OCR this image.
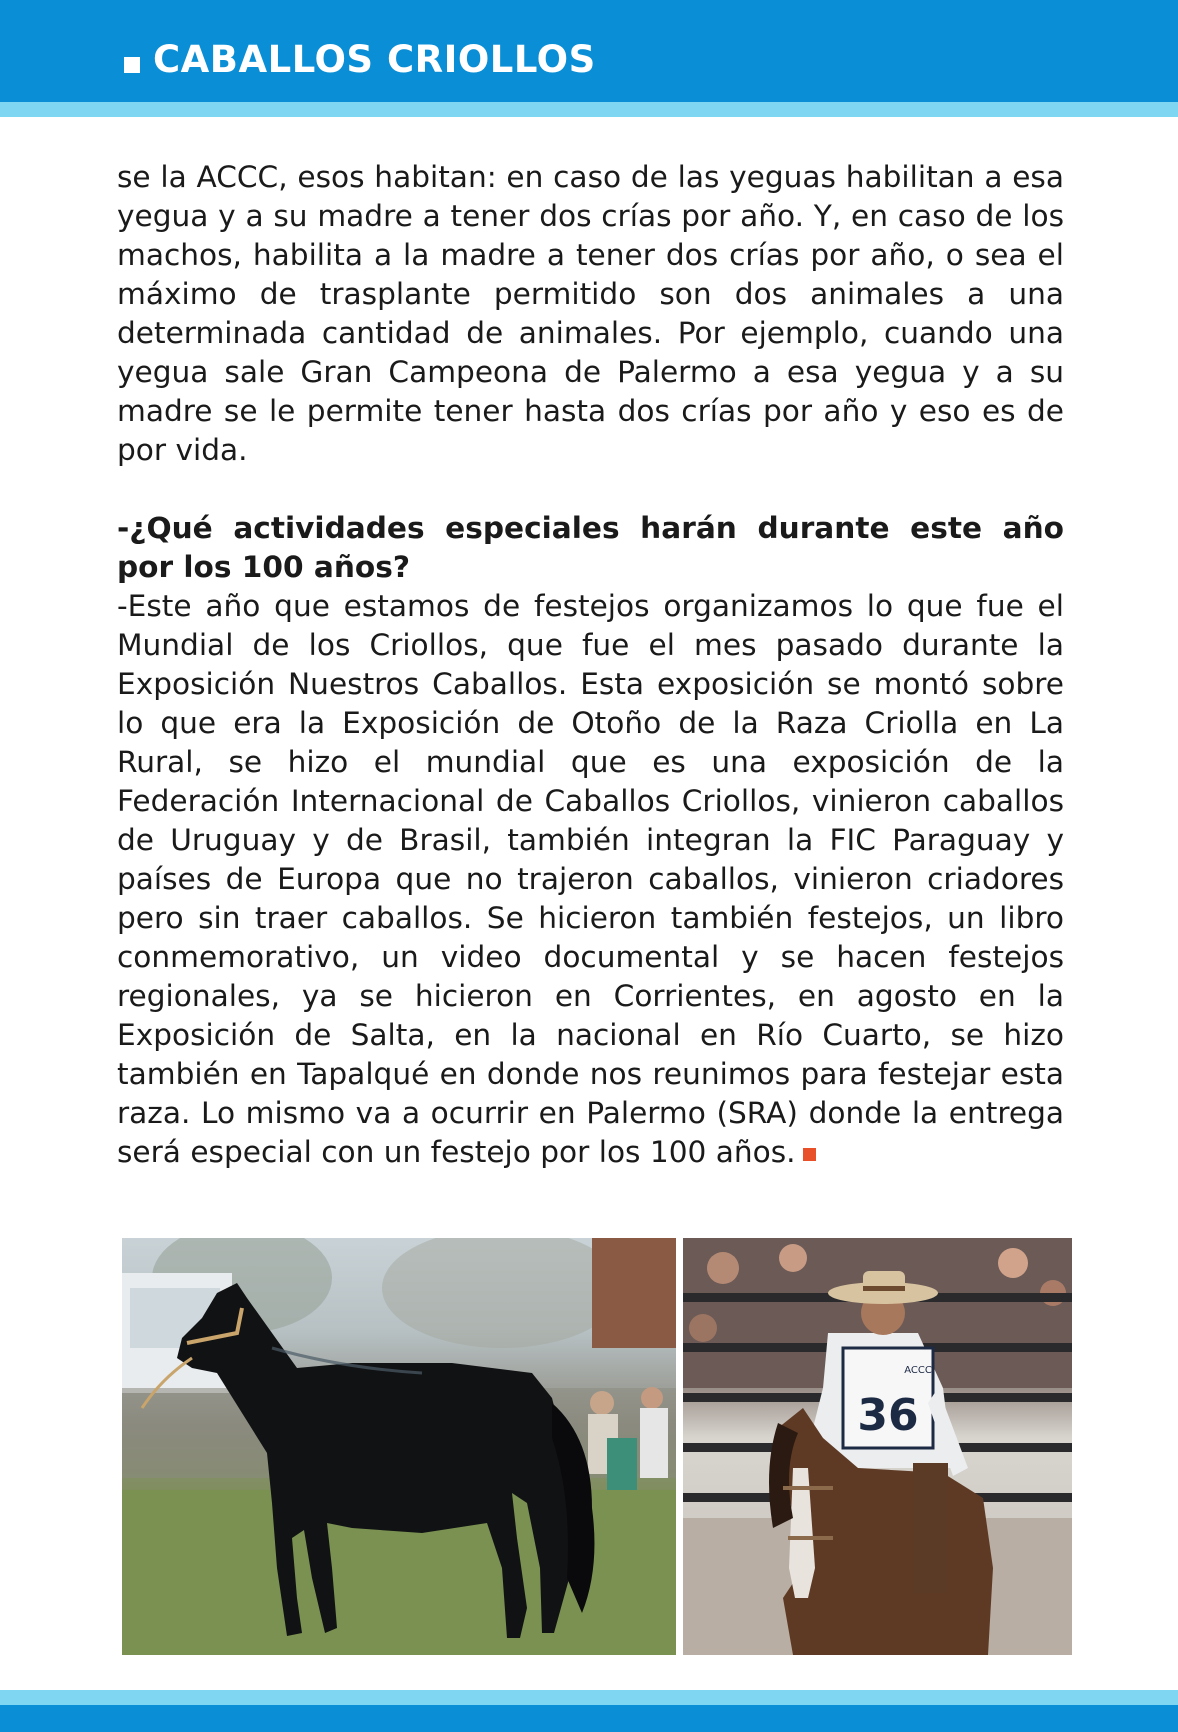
CABALLOS CRIOLLOS

se la ACCC, esos habitan: en caso de las yeguas habilitan a esa yegua y a su madre a tener dos crías por año. Y, en caso de los machos, habilita a la madre a tener dos crías por año, o sea el máximo de trasplante permitido son dos animales a una determinada cantidad de animales. Por ejemplo, cuando una yegua sale Gran Campeona de Palermo a esa yegua y a su madre se le permite tener hasta dos crías por año y eso es de por vida.

-¿Qué actividades especiales harán durante este año por los 100 años?

-Este año que estamos de festejos organizamos lo que fue el Mundial de los Criollos, que fue el mes pasado durante la Exposición Nuestros Caballos. Esta exposición se montó sobre lo que era la Exposición de Otoño de la Raza Criolla en La Rural, se hizo el mundial que es una exposición de la Federación Internacional de Caballos Criollos, vinieron caballos de Uruguay y de Brasil, también integran la FIC Paraguay y países de Europa que no trajeron caballos, vinieron criadores pero sin traer caballos. Se hicieron también festejos, un libro conmemorativo, un video documental y se hacen festejos regionales, ya se hicieron en Corrientes, en agosto en la Exposición de Salta, en la nacional en Río Cuarto, se hizo también en Tapalqué en donde nos reunimos para festejar esta raza. Lo mismo va a ocurrir en Palermo (SRA) donde la entrega será especial con un festejo por los 100 años.

36
ACCC
